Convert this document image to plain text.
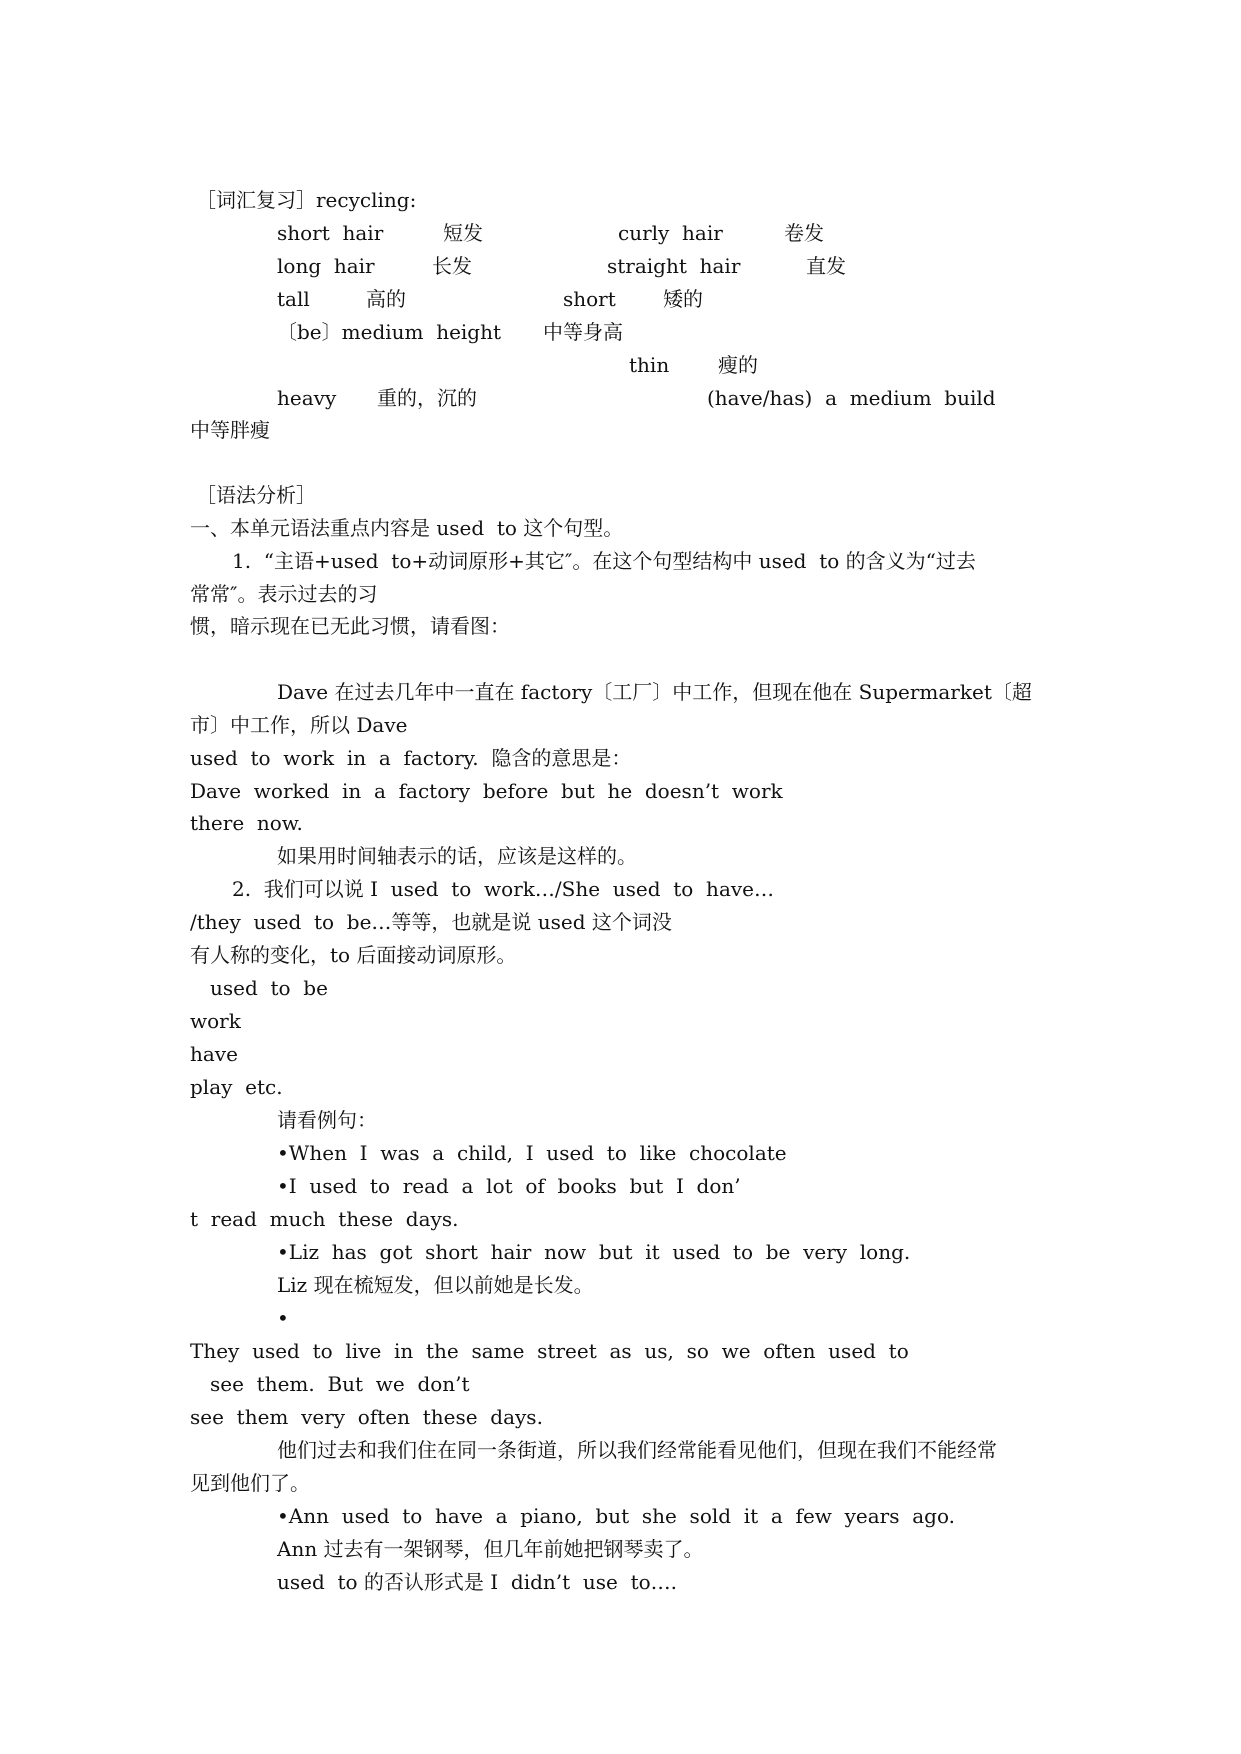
［词汇复习］recycling:

short  hair	短发	curly  hair	卷发

long  hair	长发	straight  hair	直发

tall	高的	short 矮的

〔be〕medium  height 中等身高

thin 瘦的

heavy 重的，沉的	(have/has)  a  medium  build

中等胖瘦

［语法分析］

一、本单元语法重点内容是 used  to 这个句型。

1.  “主语+used  to+动词原形+其它″。在这个句型结构中 used  to 的含义为“过去

常常″。表示过去的习

惯，暗示现在已无此习惯，请看图：

Dave 在过去几年中一直在 factory〔工厂〕中工作，但现在他在 Supermarket〔超

市〕中工作，所以 Dave

used  to  work  in  a  factory.  隐含的意思是：

Dave  worked  in  a  factory  before  but  he  doesn’t  work

there  now.

如果用时间轴表示的话，应该是这样的。

2.  我们可以说 I  used  to  work…/She  used  to  have…

/they  used  to  be…等等，也就是说 used 这个词没

有人称的变化，to 后面接动词原形。

used  to  be

work

have

play  etc.

请看例句：

•When  I  was  a  child,  I  used  to  like  chocolate

•I  used  to  read  a  lot  of  books  but  I  don’

t  read  much  these  days.

•Liz  has  got  short  hair  now  but  it  used  to  be  very  long.

Liz 现在梳短发，但以前她是长发。

•

They  used  to  live  in  the  same  street  as  us,  so  we  often  used  to

see  them.  But  we  don’t

see  them  very  often  these  days.

他们过去和我们住在同一条街道，所以我们经常能看见他们，但现在我们不能经常

见到他们了。

•Ann  used  to  have  a  piano,  but  she  sold  it  a  few  years  ago.

Ann 过去有一架钢琴，但几年前她把钢琴卖了。

used  to 的否认形式是 I  didn’t  use  to….
